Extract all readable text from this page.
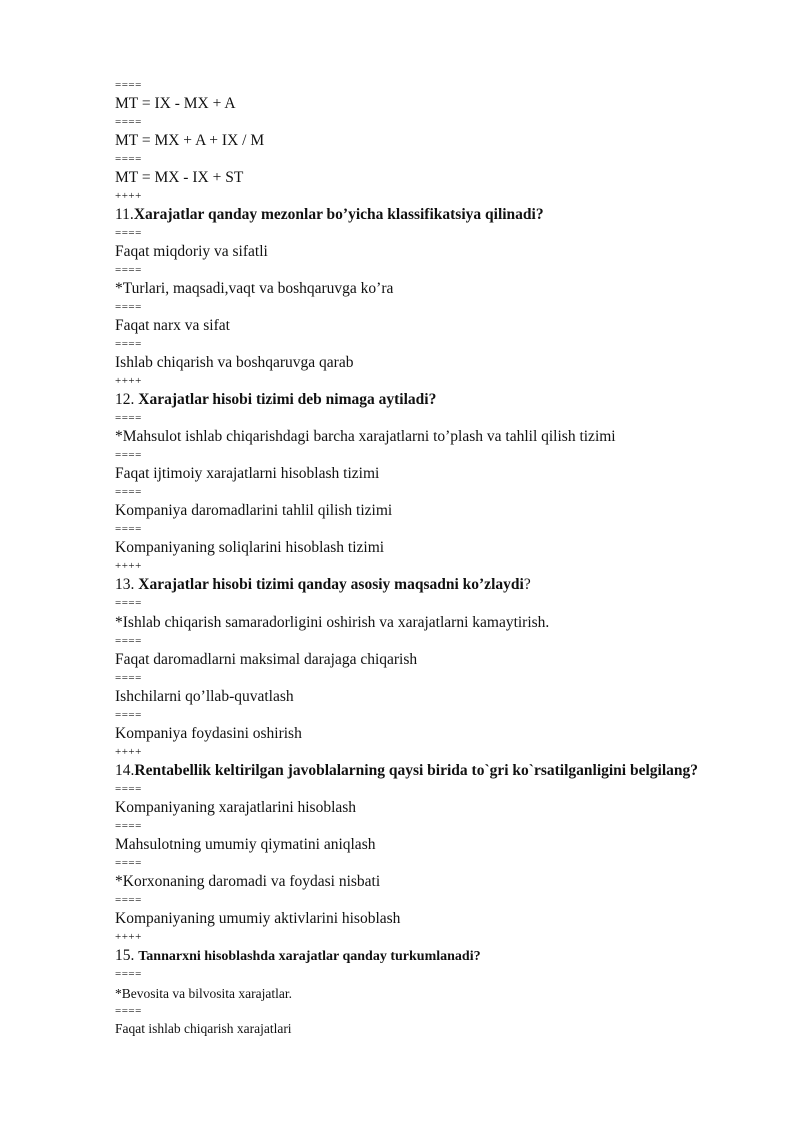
====
MT = IX - MX + A
====
MT = MX + A + IX / M
====
MT = MX - IX + ST
++++
11.Xarajatlar qanday mezonlar bo’yicha klassifikatsiya qilinadi?
====
Faqat miqdoriy va sifatli
====
*Turlari, maqsadi,vaqt va boshqaruvga ko’ra
====
Faqat narx va sifat
====
Ishlab chiqarish va boshqaruvga qarab
++++
12. Xarajatlar hisobi tizimi deb nimaga aytiladi?
====
*Mahsulot ishlab chiqarishdagi barcha xarajatlarni to’plash va tahlil qilish tizimi
====
Faqat ijtimoiy xarajatlarni hisoblash tizimi
====
Kompaniya daromadlarini tahlil qilish tizimi
====
Kompaniyaning soliqlarini hisoblash tizimi
++++
13. Xarajatlar hisobi tizimi qanday asosiy maqsadni ko’zlaydi?
====
*Ishlab chiqarish samaradorligini oshirish va xarajatlarni kamaytirish.
====
Faqat daromadlarni maksimal darajaga chiqarish
====
Ishchilarni qo’llab-quvatlash
====
Kompaniya foydasini oshirish
++++
14.Rentabellik keltirilgan javoblalarning qaysi birida to`gri ko`rsatilganligini belgilang?
====
Kompaniyaning xarajatlarini hisoblash
====
Mahsulotning umumiy qiymatini aniqlash
====
*Korxonaning daromadi va foydasi nisbati
====
Kompaniyaning umumiy aktivlarini hisoblash
++++
15. Tannarxni hisoblashda xarajatlar qanday turkumlanadi?
====
*Bevosita va bilvosita xarajatlar.
====
Faqat ishlab chiqarish xarajatlari
